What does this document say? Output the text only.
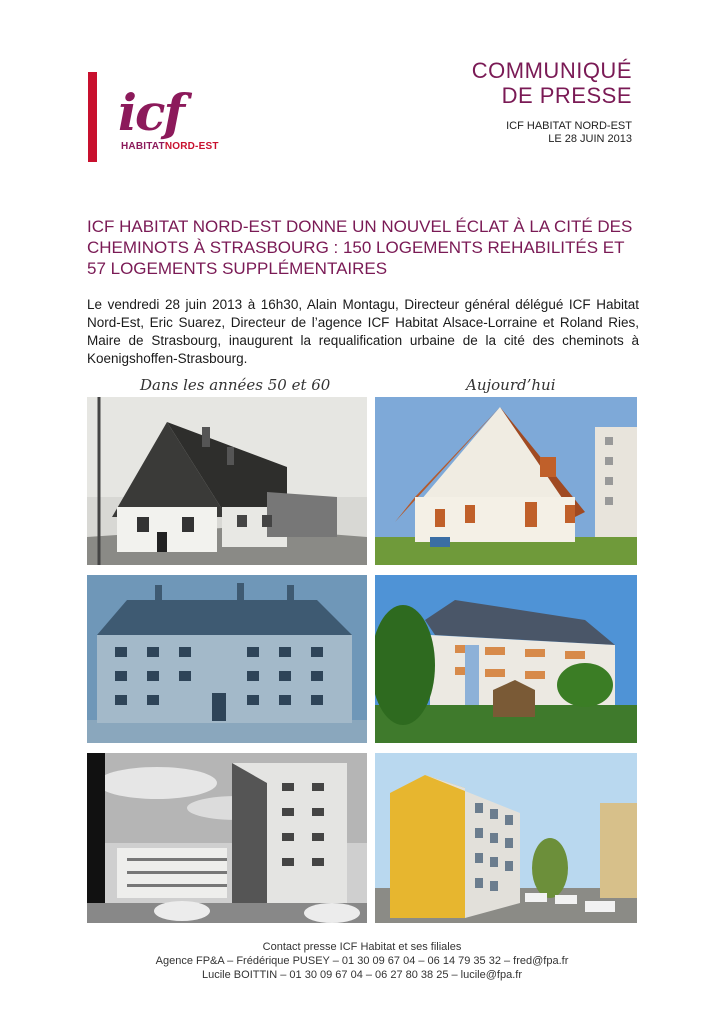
icf
HABITATNORD-EST
COMMUNIQUÉ
DE PRESSE
ICF HABITAT NORD-EST
LE 28 JUIN 2013
ICF HABITAT NORD-EST DONNE UN NOUVEL ÉCLAT À LA CITÉ DES CHEMINOTS À STRASBOURG : 150 LOGEMENTS REHABILITÉS ET 57 LOGEMENTS SUPPLÉMENTAIRES
Le vendredi 28 juin 2013 à 16h30, Alain Montagu, Directeur général délégué ICF Habitat Nord-Est, Eric Suarez, Directeur de l’agence ICF Habitat Alsace-Lorraine et Roland Ries, Maire de Strasbourg, inaugurent la requalification urbaine de la cité des cheminots à Koenigshoffen-Strasbourg.
Dans les années 50 et 60	Aujourd’hui
Contact presse ICF Habitat et ses filiales
Agence FP&A – Frédérique PUSEY – 01 30 09 67 04 – 06 14 79 35 32 – fred@fpa.fr
Lucile BOITTIN – 01 30 09 67 04 – 06 27 80 38 25 – lucile@fpa.fr
